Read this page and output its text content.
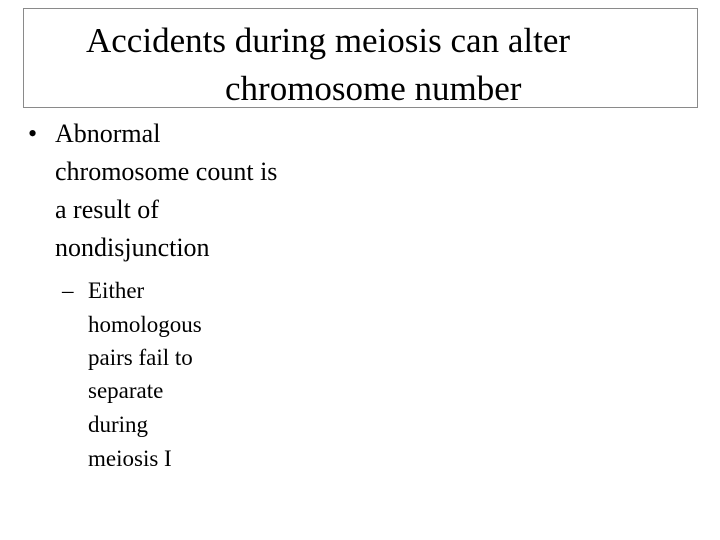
Accidents during meiosis can alter
chromosome number
• Abnormal
chromosome count is
a result of
nondisjunction
– Either
homologous
pairs fail to
separate
during
meiosis I
